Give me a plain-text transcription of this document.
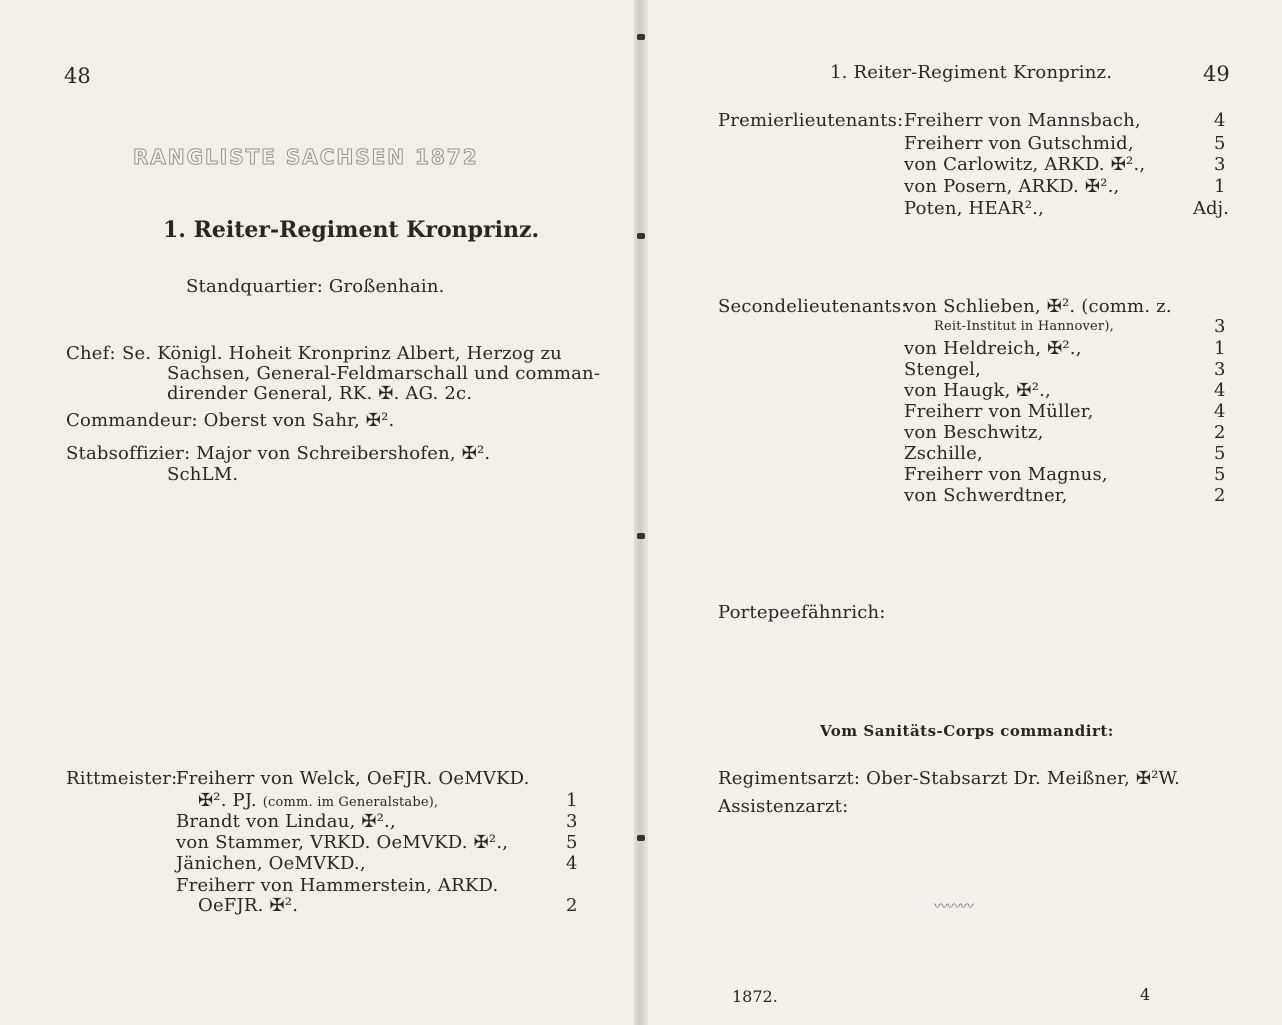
48
RANGLISTE SACHSEN 1872
1. Reiter-Regiment Kronprinz.
Standquartier: Großenhain.
Chef: Se. Königl. Hoheit Kronprinz Albert, Herzog zu
Sachsen, General-Feldmarschall und comman-
dirender General, RK. ✠. AG. 2c.
Commandeur: Oberst von Sahr, ✠².
Stabsoffizier: Major von Schreibershofen, ✠².
SchLM.
Rittmeister:
Freiherr von Welck, OeFJR. OeMVKD.
✠². PJ. (comm. im Generalstabe),	1
Brandt von Lindau, ✠².,	3
von Stammer, VRKD. OeMVKD. ✠².,	5
Jänichen, OeMVKD.,	4
Freiherr von Hammerstein, ARKD.
OeFJR. ✠².	2
1. Reiter-Regiment Kronprinz.	49
Premierlieutenants: Freiherr von Mannsbach,	4
Freiherr von Gutschmid,	5
von Carlowitz, ARKD. ✠².,	3
von Posern, ARKD. ✠².,	1
Poten, HEAR².,	Adj.
Secondelieutenants:
von Schlieben, ✠². (comm. z.
Reit-Institut in Hannover),	3
von Heldreich, ✠².,	1
Stengel,	3
von Haugk, ✠².,	4
Freiherr von Müller,	4
von Beschwitz,	2
Zschille,	5
Freiherr von Magnus,	5
von Schwerdtner,	2
Portepeefähnrich:
Vom Sanitäts-Corps commandirt:
Regimentsarzt: Ober-Stabsarzt Dr. Meißner, ✠²W.
Assistenzarzt:
〰〰〰
1872.	4
